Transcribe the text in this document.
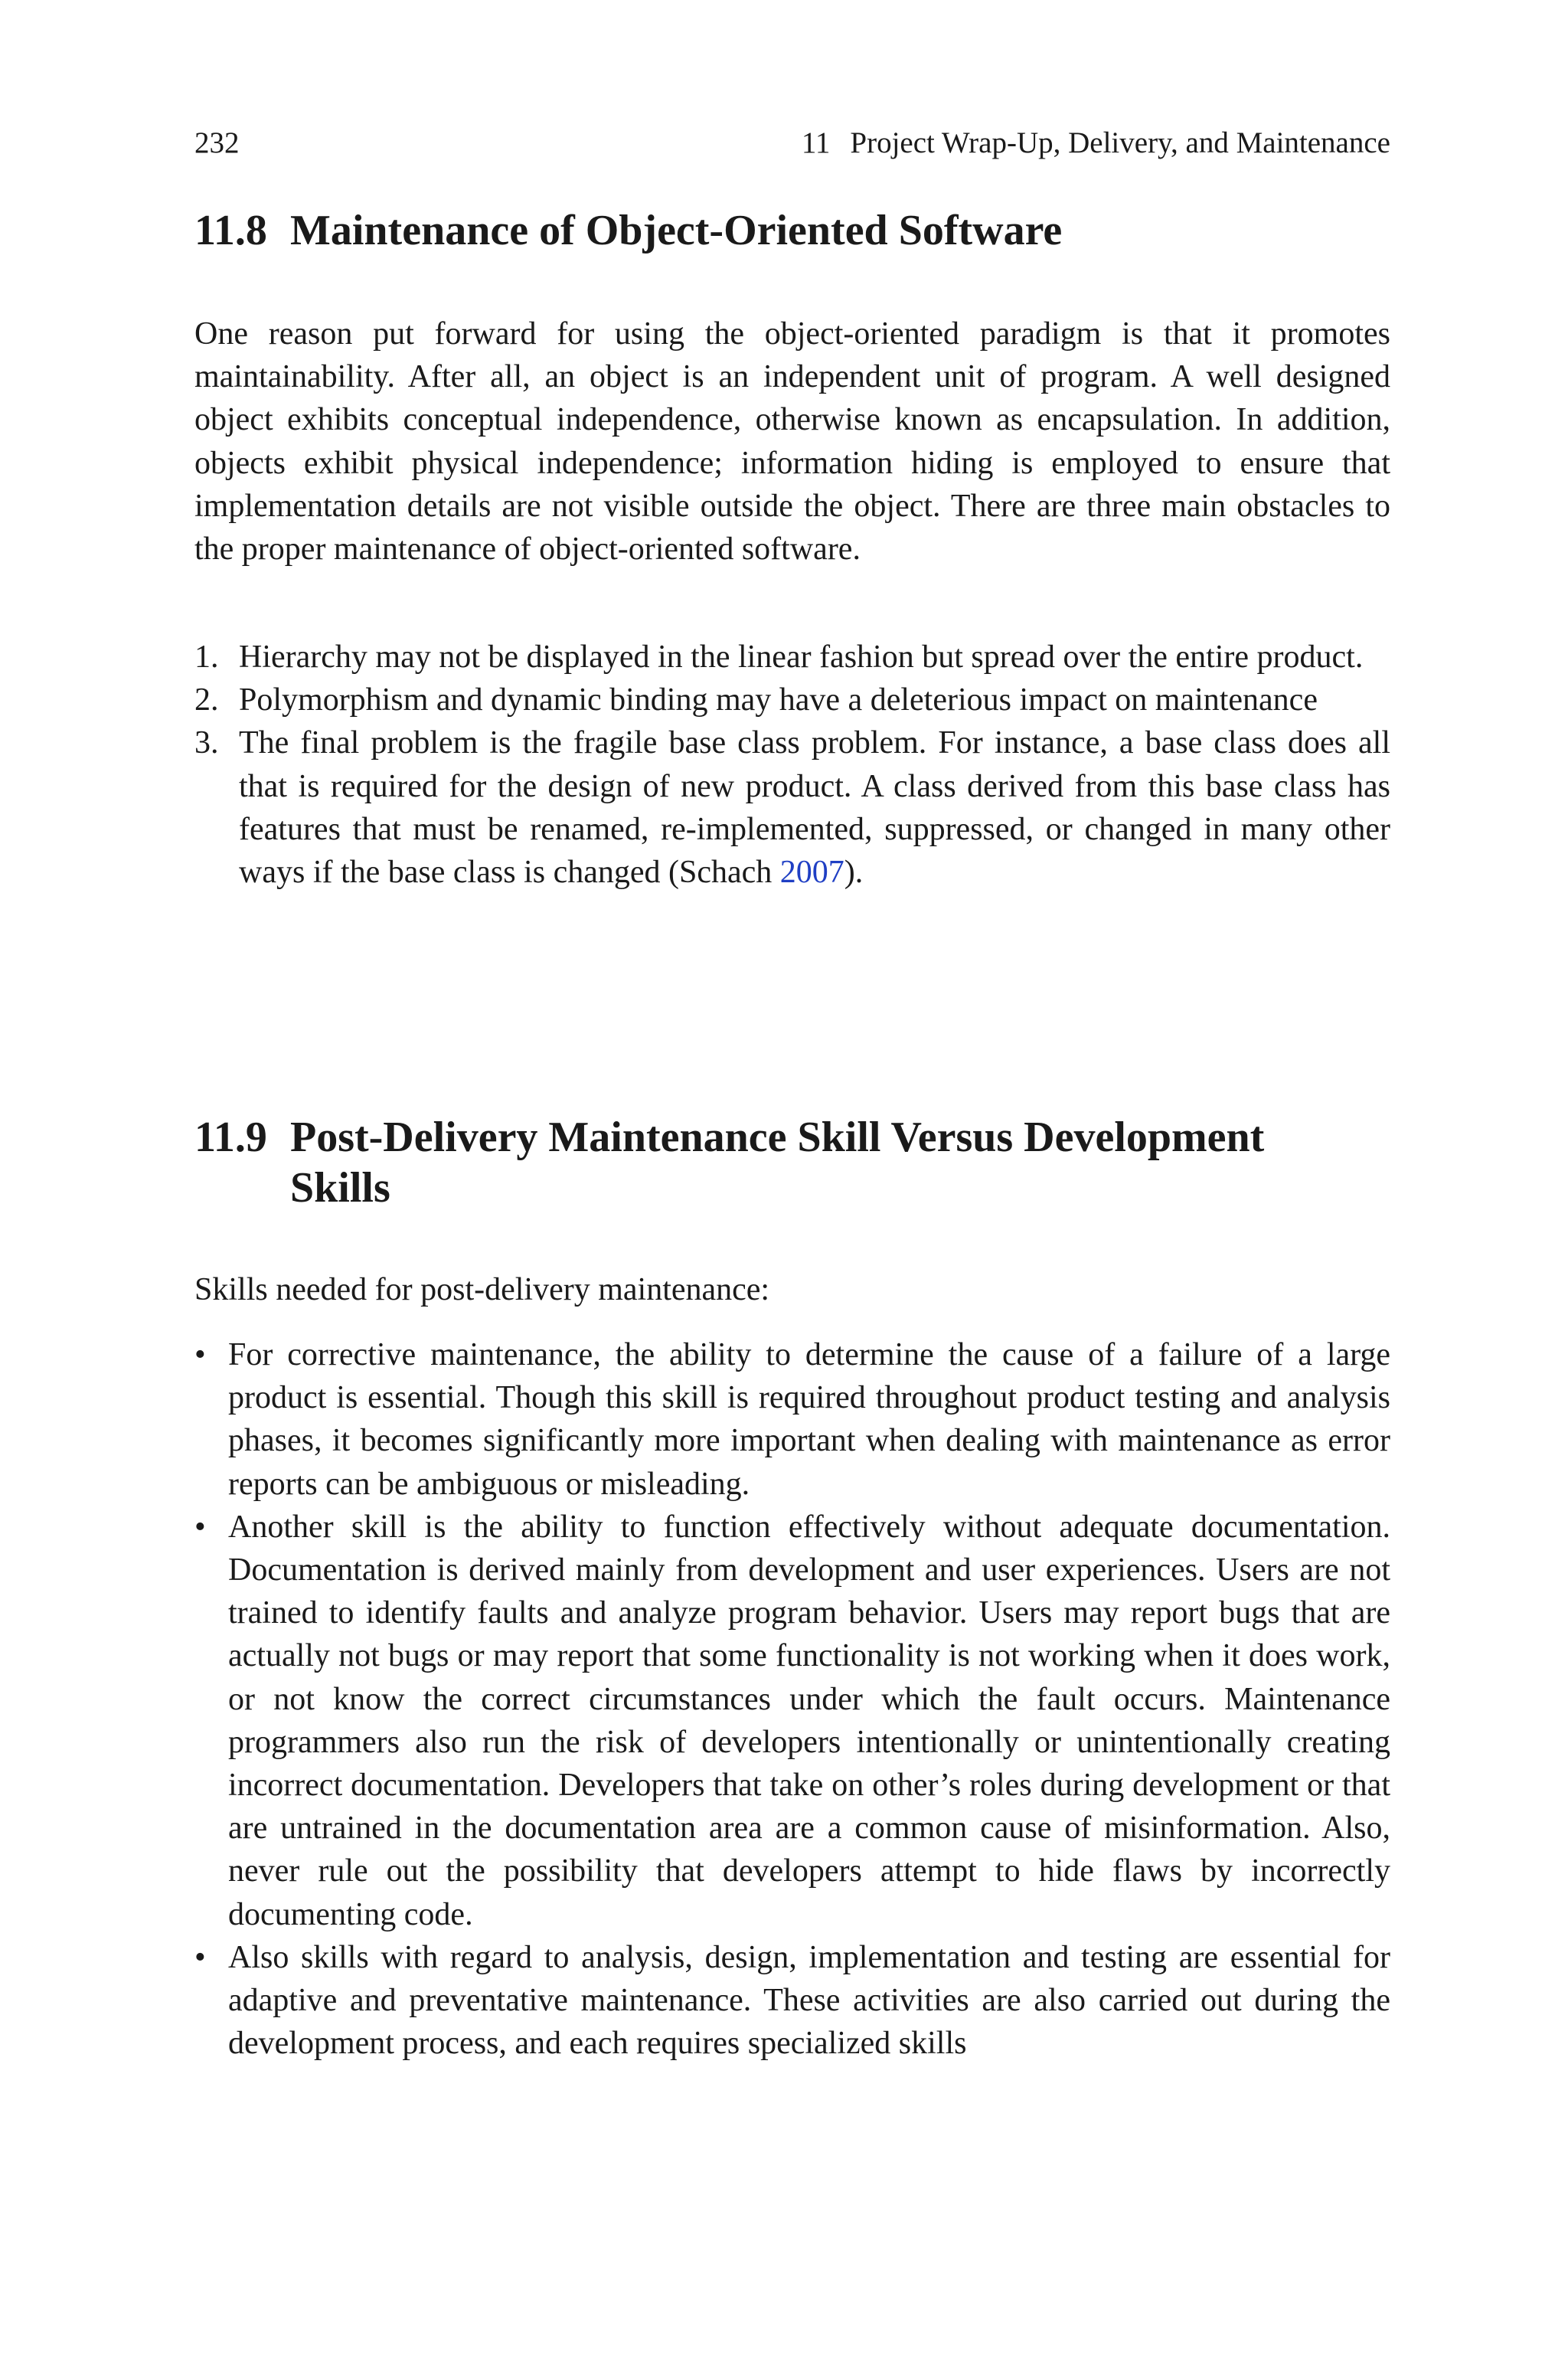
232	11 Project Wrap-Up, Delivery, and Maintenance
11.8 Maintenance of Object-Oriented Software

One reason put forward for using the object-oriented paradigm is that it promotes maintainability. After all, an object is an independent unit of program. A well designed object exhibits conceptual independence, otherwise known as encapsulation. In addition, objects exhibit physical independence; information hiding is employed to ensure that implementation details are not visible outside the object. There are three main obstacles to the proper maintenance of object-oriented software.

1. Hierarchy may not be displayed in the linear fashion but spread over the entire product.
2. Polymorphism and dynamic binding may have a deleterious impact on maintenance
3. The final problem is the fragile base class problem. For instance, a base class does all that is required for the design of new product. A class derived from this base class has features that must be renamed, re-implemented, suppressed, or changed in many other ways if the base class is changed (Schach 2007).
11.9 Post-Delivery Maintenance Skill Versus Development Skills

Skills needed for post-delivery maintenance:

• For corrective maintenance, the ability to determine the cause of a failure of a large product is essential. Though this skill is required throughout product testing and analysis phases, it becomes significantly more important when dealing with maintenance as error reports can be ambiguous or misleading.
• Another skill is the ability to function effectively without adequate documentation. Documentation is derived mainly from development and user experiences. Users are not trained to identify faults and analyze program behavior. Users may report bugs that are actually not bugs or may report that some functionality is not working when it does work, or not know the correct circumstances under which the fault occurs. Maintenance programmers also run the risk of developers intentionally or unintentionally creating incorrect documentation. Developers that take on other’s roles during development or that are untrained in the documentation area are a common cause of misinformation. Also, never rule out the possibility that developers attempt to hide flaws by incorrectly documenting code.
• Also skills with regard to analysis, design, implementation and testing are essential for adaptive and preventative maintenance. These activities are also carried out during the development process, and each requires specialized skills
